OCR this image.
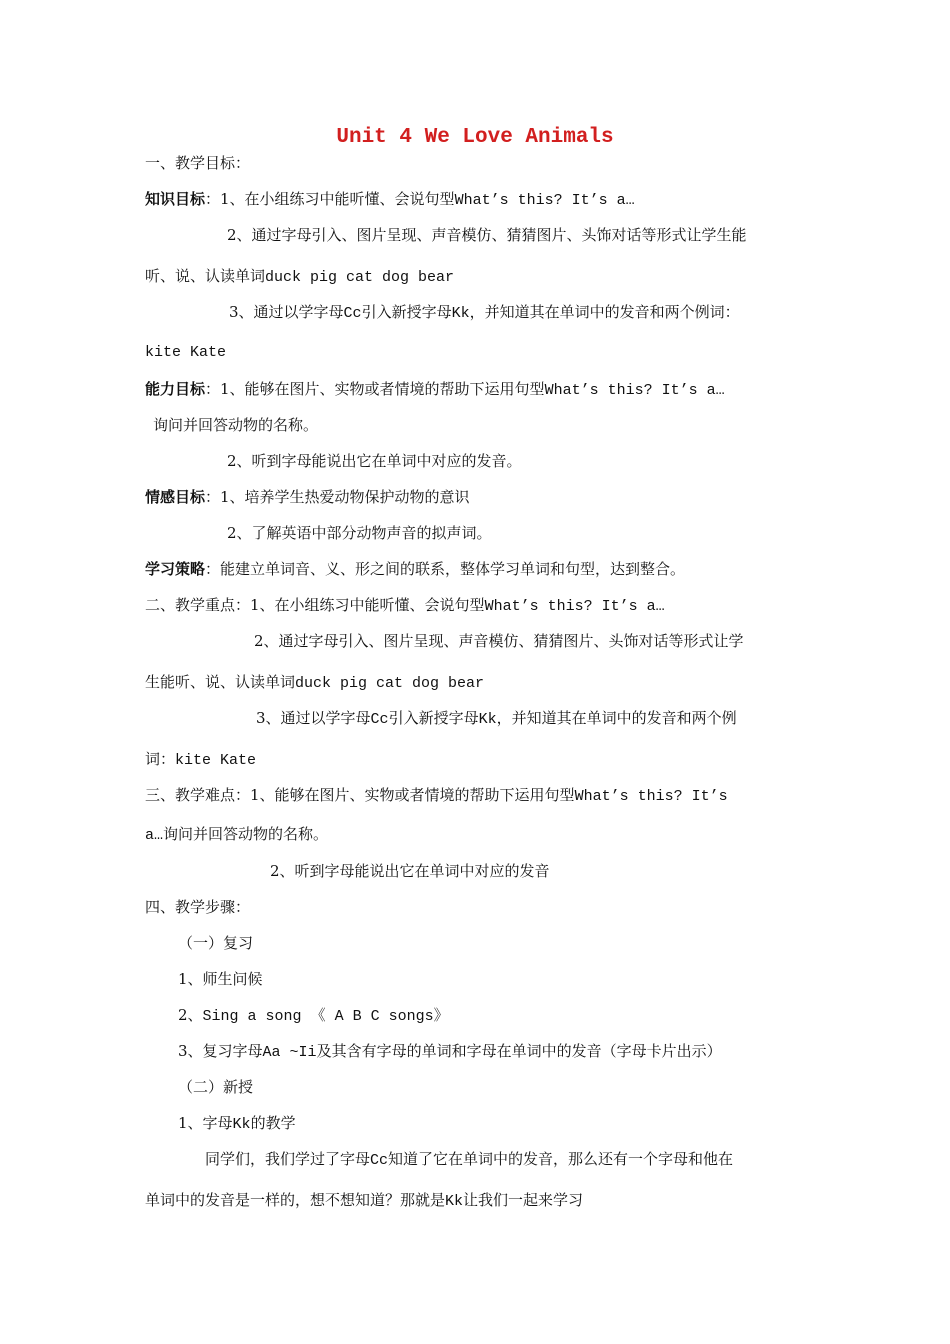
Unit 4 We Love Animals
一、教学目标：
知识目标：1、在小组练习中能听懂、会说句型What’s this? It’s a…
2、通过字母引入、图片呈现、声音模仿、猜猜图片、头饰对话等形式让学生能
听、说、认读单词duck pig cat dog bear
3、通过以学字母Cc引入新授字母Kk，并知道其在单词中的发音和两个例词：
kite Kate
能力目标：1、能够在图片、实物或者情境的帮助下运用句型What’s this? It’s a…
询问并回答动物的名称。
2、听到字母能说出它在单词中对应的发音。
情感目标：1、培养学生热爱动物保护动物的意识
2、了解英语中部分动物声音的拟声词。
学习策略：能建立单词音、义、形之间的联系，整体学习单词和句型，达到整合。
二、教学重点：1、在小组练习中能听懂、会说句型What’s this? It’s a…
2、通过字母引入、图片呈现、声音模仿、猜猜图片、头饰对话等形式让学
生能听、说、认读单词duck pig cat dog bear
3、通过以学字母Cc引入新授字母Kk，并知道其在单词中的发音和两个例
词：kite Kate
三、教学难点：1、能够在图片、实物或者情境的帮助下运用句型What’s this? It’s
a…询问并回答动物的名称。
2、听到字母能说出它在单词中对应的发音
四、教学步骤：
（一）复习
1、师生问候
2、Sing a song 《 A B C songs》
3、复习字母Aa ~Ii及其含有字母的单词和字母在单词中的发音（字母卡片出示）
（二）新授
1、字母Kk的教学
同学们，我们学过了字母Cc知道了它在单词中的发音，那么还有一个字母和他在
单词中的发音是一样的，想不想知道？那就是Kk让我们一起来学习
